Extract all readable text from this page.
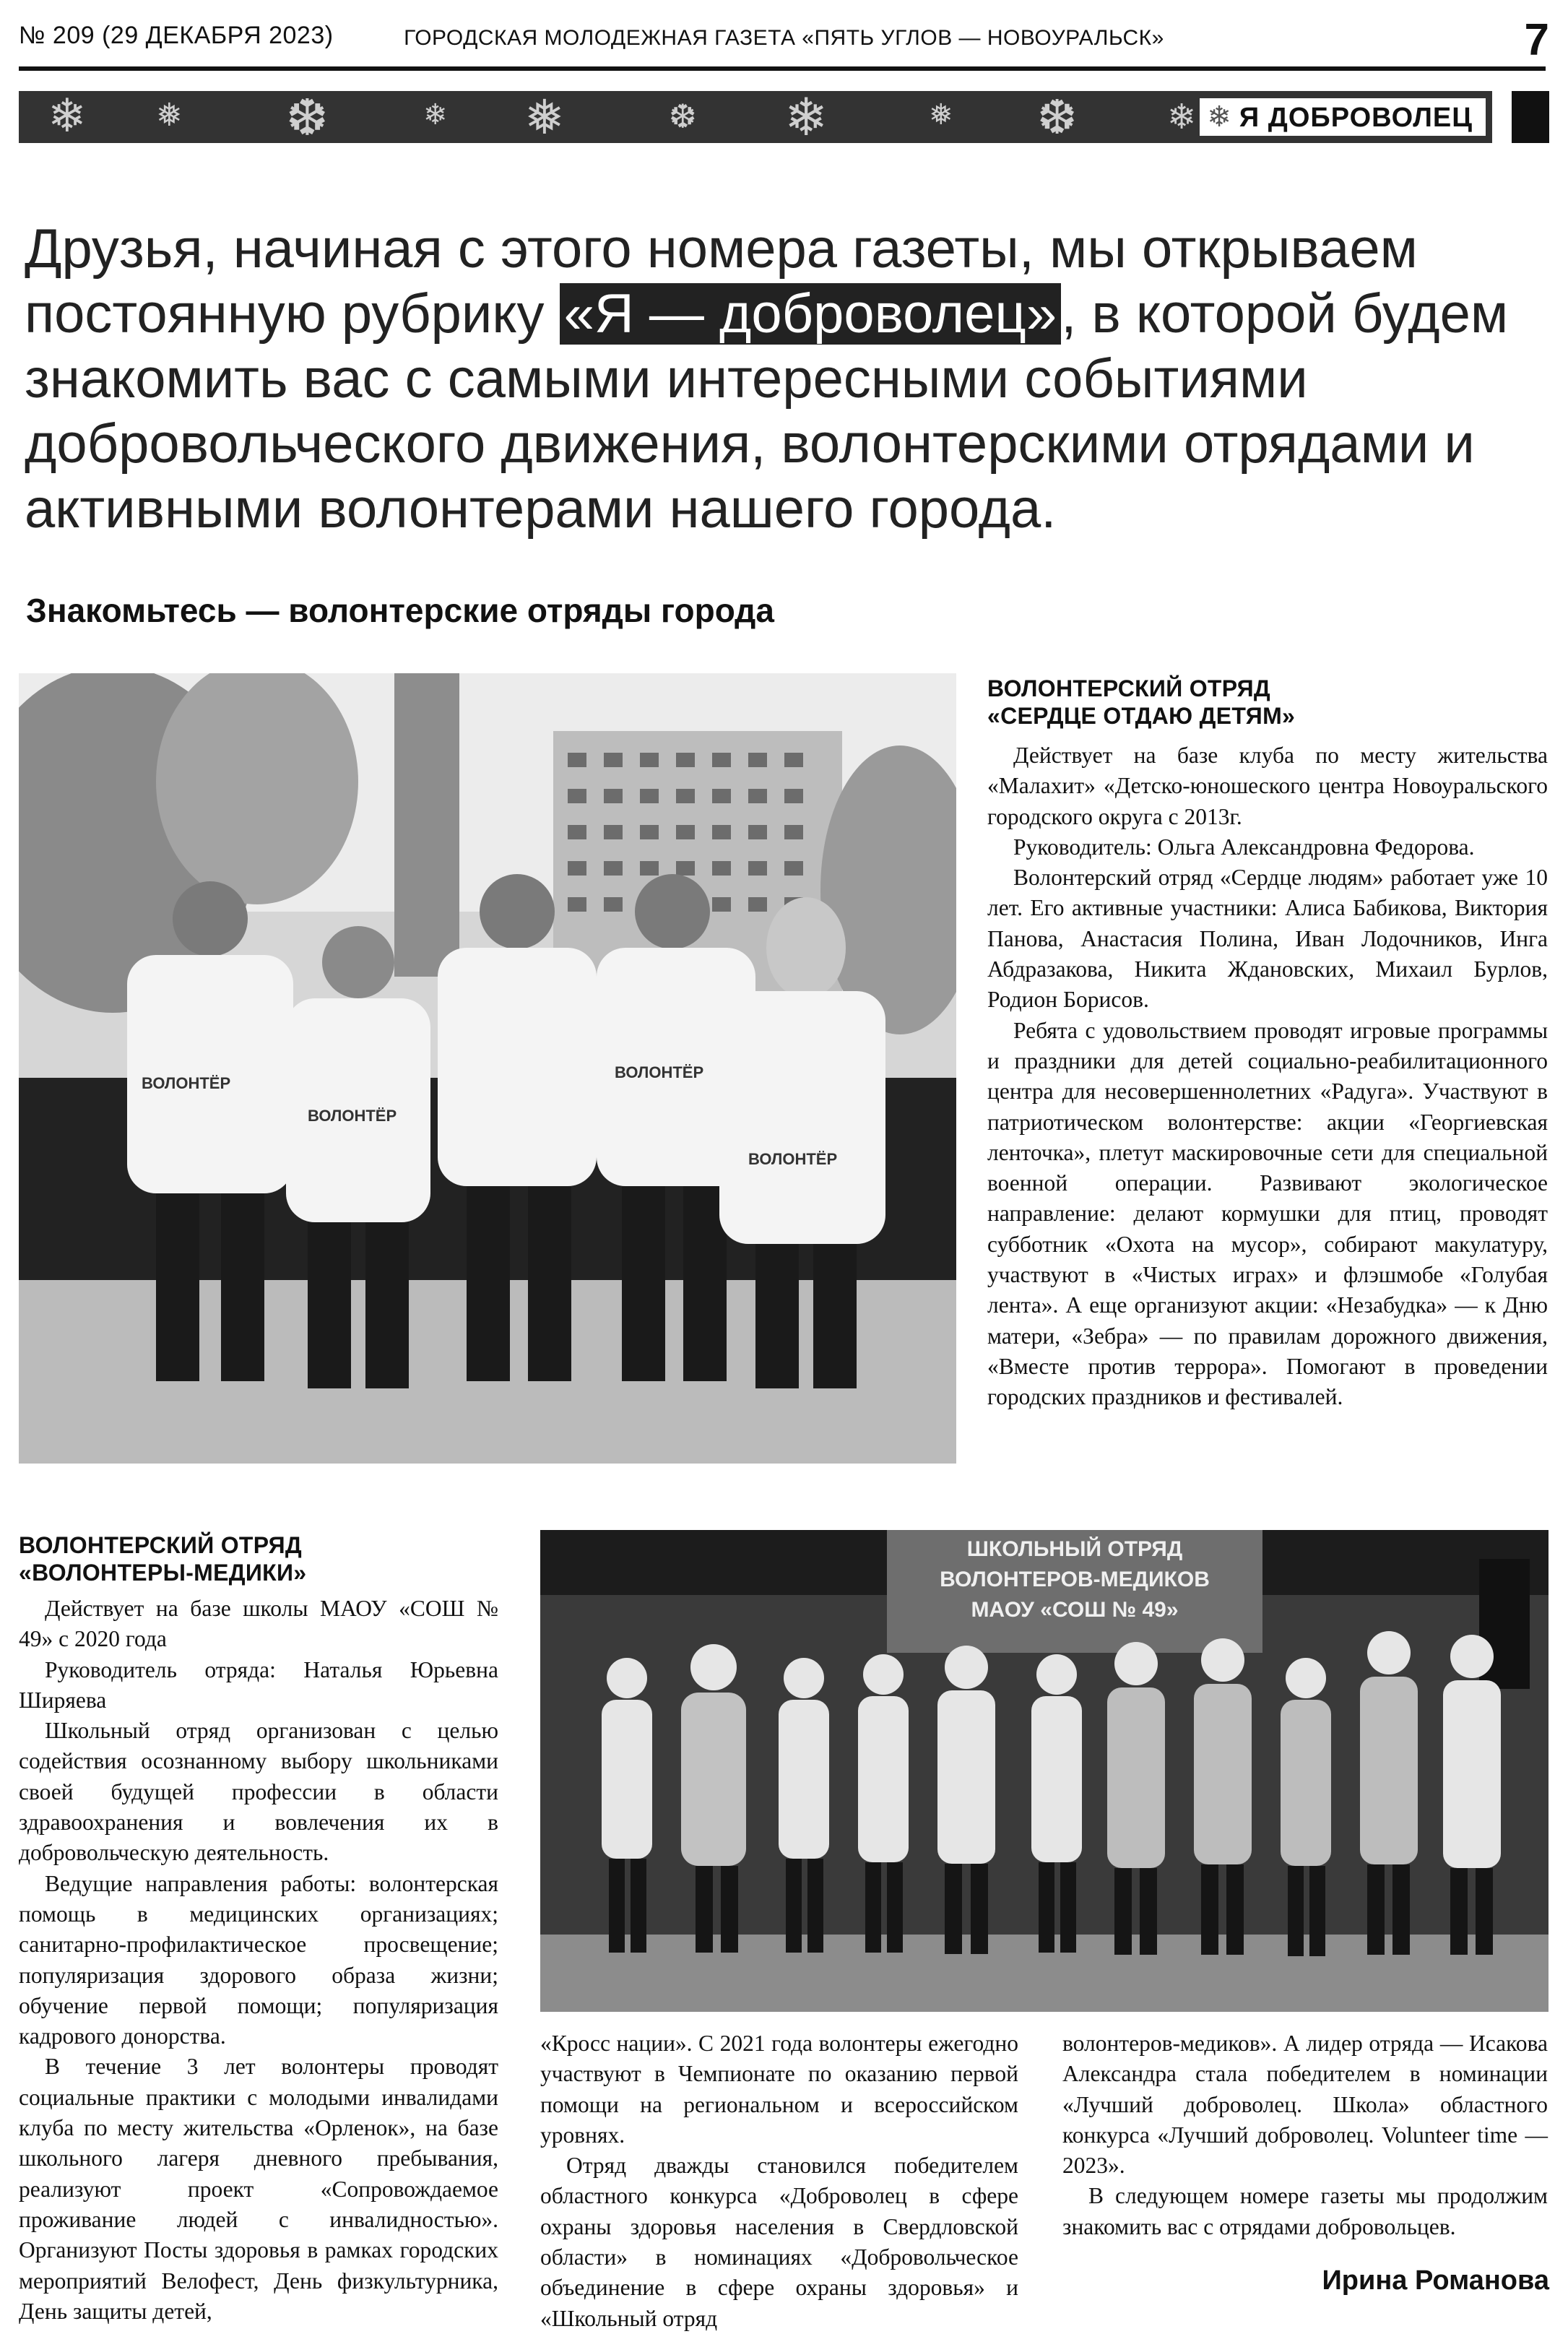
№ 209 (29 ДЕКАБРЯ 2023)	ГОРОДСКАЯ МОЛОДЕЖНАЯ ГАЗЕТА «ПЯТЬ УГЛОВ — НОВОУРАЛЬСК»	7
❄ ❅ ❆	❄ ❅	❆ ❄	❅ ❆	❄ ❄ Я ДОБРОВОЛЕЦ
Друзья, начиная с этого номера газеты, мы открываем постоянную рубрику «Я — доброволец», в которой будем знакомить вас с самыми интересными событиями добровольческого движения, волонтерскими отрядами и активными волонтерами нашего города.
Знакомьтесь — волонтерские отряды города
ВОЛОНТЁР
ВОЛОНТЁР
ВОЛОНТЁР
ВОЛОНТЁР
ВОЛОНТЕРСКИЙ ОТРЯД
«СЕРДЦЕ ОТДАЮ ДЕТЯМ»

Действует на базе клуба по месту жительства «Малахит» «Детско-юношеского центра Новоуральского городского округа с 2013г.

Руководитель: Ольга Александровна Федорова.

Волонтерский отряд «Сердце людям» работает уже 10 лет. Его активные участники: Алиса Бабикова, Виктория Панова, Анастасия Полина, Иван Лодочников, Инга Абдразакова, Никита Ждановских, Михаил Бурлов, Родион Борисов.

Ребята с удовольствием проводят игровые программы и праздники для детей социально-реабилитационного центра для несовершеннолетних «Радуга». Участвуют в патриотическом волонтерстве: акции «Георгиевская ленточка», плетут маскировочные сети для специальной военной операции. Развивают экологическое направление: делают кормушки для птиц, проводят субботник «Охота на мусор», собирают макулатуру, участвуют в «Чистых играх» и флэшмобе «Голубая лента». А еще организуют акции: «Незабудка» — к Дню матери, «Зебра» — по правилам дорожного движения, «Вместе против террора». Помогают в проведении городских праздников и фестивалей.

ВОЛОНТЕРСКИЙ ОТРЯД
«ВОЛОНТЕРЫ-МЕДИКИ»

Действует на базе школы МАОУ «СОШ № 49» с 2020 года

Руководитель отряда: Наталья Юрьевна Ширяева

Школьный отряд организован с целью содействия осознанному выбору школьниками своей будущей профессии в области здравоохранения и вовлечения их в добровольческую деятельность.

Ведущие направления работы: волонтерская помощь в медицинских организациях; санитарно-профилактическое просвещение; популяризация здорового образа жизни; обучение первой помощи; популяризация кадрового донорства.

В течение 3 лет волонтеры проводят социальные практики с молодыми инвалидами клуба по месту жительства «Орленок», на базе школьного лагеря дневного пребывания, реализуют проект «Сопровождаемое проживание людей с инвалидностью». Организуют Посты здоровья в рамках городских мероприятий Велофест, День физкультурника, День защиты детей,

ШКОЛЬНЫЙ ОТРЯД
ВОЛОНТЕРОВ-МЕДИКОВ
МАОУ «СОШ № 49»

«Кросс нации». С 2021 года волонтеры ежегодно участвуют в Чемпионате по оказанию первой помощи на региональном и всероссийском уровнях.

Отряд дважды становился победителем областного конкурса «Доброволец в сфере охраны здоровья населения в Свердловской области» в номинациях «Добровольческое объединение в сфере охраны здоровья» и «Школьный отряд

волонтеров-медиков». А лидер отряда — Исакова Александра стала победителем в номинации «Лучший доброволец. Школа» областного конкурса «Лучший доброволец. Volunteer time — 2023».

В следующем номере газеты мы продолжим знакомить вас с отрядами добровольцев.

Ирина Романова
